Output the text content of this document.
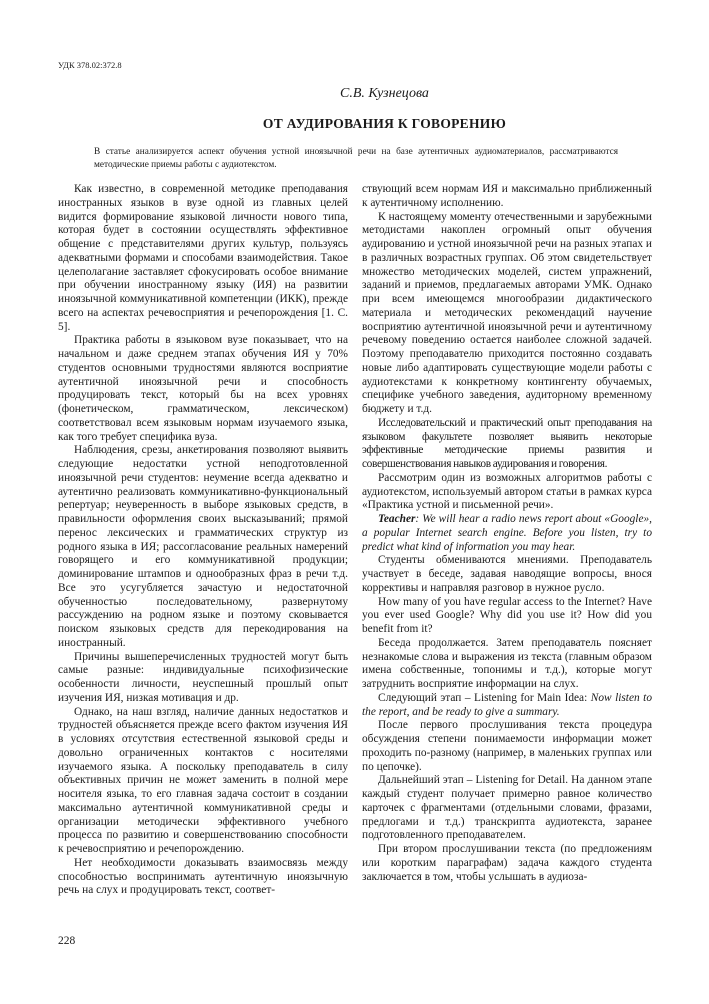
УДК 378.02:372.8
С.В. Кузнецова
ОТ АУДИРОВАНИЯ К ГОВОРЕНИЮ
В статье анализируется аспект обучения устной иноязычной речи на базе аутентичных аудиоматериалов, рассматриваются методические приемы работы с аудиотекстом.

Как известно, в современной методике преподавания иностранных языков в вузе одной из главных целей видится формирование языковой личности нового типа, которая будет в состоянии осуществлять эффективное общение с представителями других культур, пользуясь адекватными формами и способами взаимодействия. Такое целеполагание заставляет сфокусировать особое внимание при обучении иностранному языку (ИЯ) на развитии иноязычной коммуникативной компетенции (ИКК), прежде всего на аспектах речевосприятия и речепорождения [1. С. 5].

Практика работы в языковом вузе показывает, что на начальном и даже среднем этапах обучения ИЯ у 70% студентов основными трудностями являются восприятие аутентичной иноязычной речи и способность продуцировать текст, который бы на всех уровнях (фонетическом, грамматическом, лексическом) соответствовал всем языковым нормам изучаемого языка, как того требует специфика вуза.

Наблюдения, срезы, анкетирования позволяют выявить следующие недостатки устной неподготовленной иноязычной речи студентов: неумение всегда адекватно и аутентично реализовать коммуникативно-функциональный репертуар; неуверенность в выборе языковых средств, в правильности оформления своих высказываний; прямой перенос лексических и грамматических структур из родного языка в ИЯ; рассогласование реальных намерений говорящего и его коммуникативной продукции; доминирование штампов и однообразных фраз в речи т.д. Все это усугубляется зачастую и недостаточной обученностью последовательному, развернутому рассуждению на родном языке и поэтому сковывается поиском языковых средств для перекодирования на иностранный.

Причины вышеперечисленных трудностей могут быть самые разные: индивидуальные психофизические особенности личности, неуспешный прошлый опыт изучения ИЯ, низкая мотивация и др.

Однако, на наш взгляд, наличие данных недостатков и трудностей объясняется прежде всего фактом изучения ИЯ в условиях отсутствия естественной языковой среды и довольно ограниченных контактов с носителями изучаемого языка. А поскольку преподаватель в силу объективных причин не может заменить в полной мере носителя языка, то его главная задача состоит в создании максимально аутентичной коммуникативной среды и организации методически эффективного учебного процесса по развитию и совершенствованию способности к речевосприятию и речепорождению.

Нет необходимости доказывать взаимосвязь между способностью воспринимать аутентичную иноязычную речь на слух и продуцировать текст, соответ-

ствующий всем нормам ИЯ и максимально приближенный к аутентичному исполнению.

К настоящему моменту отечественными и зарубежными методистами накоплен огромный опыт обучения аудированию и устной иноязычной речи на разных этапах и в различных возрастных группах. Об этом свидетельствует множество методических моделей, систем упражнений, заданий и приемов, предлагаемых авторами УМК. Однако при всем имеющемся многообразии дидактического материала и методических рекомендаций научение восприятию аутентичной иноязычной речи и аутентичному речевому поведению остается наиболее сложной задачей. Поэтому преподавателю приходится постоянно создавать новые либо адаптировать существующие модели работы с аудиотекстами к конкретному контингенту обучаемых, специфике учебного заведения, аудиторному временному бюджету и т.д.

Исследовательский и практический опыт преподавания на языковом факультете позволяет выявить некоторые эффективные методические приемы развития и совершенствования навыков аудирования и говорения.

Рассмотрим один из возможных алгоритмов работы с аудиотекстом, используемый автором статьи в рамках курса «Практика устной и письменной речи».

Teacher: We will hear a radio news report about «Google», a popular Internet search engine. Before you listen, try to predict what kind of information you may hear.

Студенты обмениваются мнениями. Преподаватель участвует в беседе, задавая наводящие вопросы, внося коррективы и направляя разговор в нужное русло.

How many of you have regular access to the Internet? Have you ever used Google? Why did you use it? How did you benefit from it?

Беседа продолжается. Затем преподаватель поясняет незнакомые слова и выражения из текста (главным образом имена собственные, топонимы и т.д.), которые могут затруднить восприятие информации на слух.

Следующий этап – Listening for Main Idea: Now listen to the report, and be ready to give a summary.

После первого прослушивания текста процедура обсуждения степени понимаемости информации может проходить по-разному (например, в маленьких группах или по цепочке).

Дальнейший этап – Listening for Detail. На данном этапе каждый студент получает примерно равное количество карточек с фрагментами (отдельными словами, фразами, предлогами и т.д.) транскрипта аудиотекста, заранее подготовленного преподавателем.

При втором прослушивании текста (по предложениям или коротким параграфам) задача каждого студента заключается в том, чтобы услышать в аудиоза-

228
